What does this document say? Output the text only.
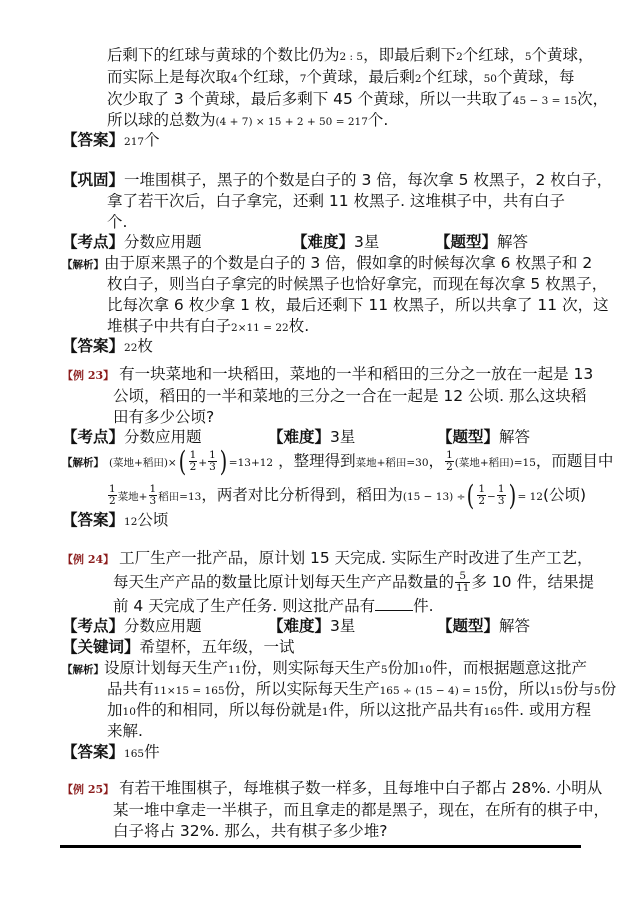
后剩下的红球与黄球的个数比仍为2 : 5，即最后剩下2个红球，5个黄球，
而实际上是每次取4个红球，7个黄球，最后剩2个红球，50个黄球，每
次少取了 3 个黄球，最后多剩下 45 个黄球，所以一共取了45 − 3 = 15次，
所以球的总数为(4 + 7) × 15 + 2 + 50 = 217个.
【答案】217个
【巩固】一堆围棋子，黑子的个数是白子的 3 倍，每次拿 5 枚黑子，2 枚白子，
拿了若干次后，白子拿完，还剩 11 枚黑子. 这堆棋子中，共有白子
个.
【考点】分数应用题	【难度】3星	【题型】解答
【解析】由于原来黑子的个数是白子的 3 倍，假如拿的时候每次拿 6 枚黑子和 2
枚白子，则当白子拿完的时候黑子也恰好拿完，而现在每次拿 5 枚黑子，
比每次拿 6 枚少拿 1 枚，最后还剩下 11 枚黑子，所以共拿了 11 次，这
堆棋子中共有白子2×11 = 22枚.
【答案】22枚
【例 23】 有一块菜地和一块稻田，菜地的一半和稻田的三分之一放在一起是 13
公顷，稻田的一半和菜地的三分之一合在一起是 12 公顷. 那么这块稻
田有多少公顷?
【考点】分数应用题	【难度】3星	【题型】解答
【解析】 (菜地+稻田)×( $\frac{1}{2} + \frac{1}{3}$ ) =13+12 ，整理得到菜地+稻田=30， $\frac{1}{2}$ (菜地+稻田)=15，而题目中
$\frac{1}{2}$ 菜地+ $\frac{1}{3}$ 稻田=13，两者对比分析得到，稻田为(15 − 13) ÷( $\frac{1}{2} - \frac{1}{3}$ ) = 12(公顷)
【答案】12公顷
【例 24】 工厂生产一批产品，原计划 15 天完成. 实际生产时改进了生产工艺，
每天生产产品的数量比原计划每天生产产品数量的 $\frac{5}{11}$ 多 10 件，结果提
前 4 天完成了生产任务. 则这批产品有 件.
【考点】分数应用题	【难度】3星	【题型】解答
【关键词】希望杯，五年级，一试
【解析】设原计划每天生产11份，则实际每天生产5份加10件，而根据题意这批产
品共有11×15 = 165份，所以实际每天生产165 ÷ (15 − 4) = 15份，所以15份与5份
加10件的和相同，所以每份就是1件，所以这批产品共有165件. 或用方程
来解.
【答案】165件
【例 25】 有若干堆围棋子，每堆棋子数一样多，且每堆中白子都占 28%. 小明从
某一堆中拿走一半棋子，而且拿走的都是黑子，现在，在所有的棋子中，
白子将占 32%. 那么，共有棋子多少堆?
